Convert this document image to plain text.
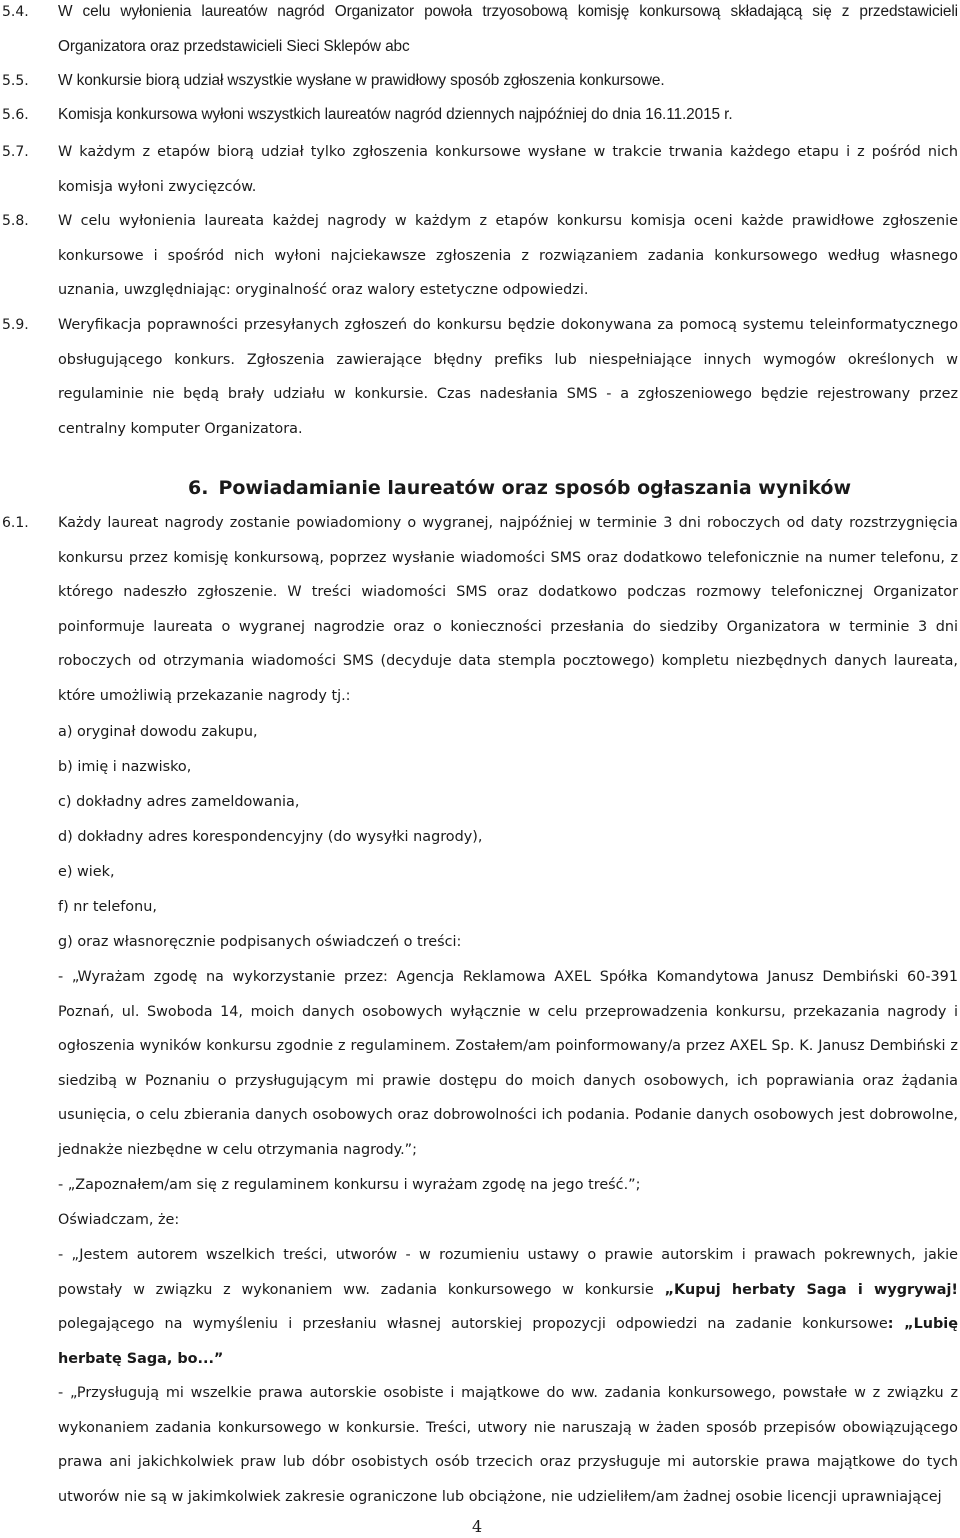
5.4. W celu wyłonienia laureatów nagród Organizator powoła trzyosobową komisję konkursową składającą się z przedstawicieli Organizatora oraz przedstawicieli Sieci Sklepów abc
5.5. W konkursie biorą udział wszystkie wysłane w prawidłowy sposób zgłoszenia konkursowe.
5.6. Komisja konkursowa wyłoni wszystkich laureatów nagród dziennych najpóźniej do dnia 16.11.2015 r.
5.7. W każdym z etapów biorą udział tylko zgłoszenia konkursowe wysłane w trakcie trwania każdego etapu i z pośród nich komisja wyłoni zwycięzców.
5.8. W celu wyłonienia laureata każdej nagrody w każdym z etapów konkursu komisja oceni każde prawidłowe zgłoszenie konkursowe i spośród nich wyłoni najciekawsze zgłoszenia z rozwiązaniem zadania konkursowego według własnego uznania, uwzględniając: oryginalność oraz walory estetyczne odpowiedzi.
5.9. Weryfikacja poprawności przesyłanych zgłoszeń do konkursu będzie dokonywana za pomocą systemu teleinformatycznego obsługującego konkurs. Zgłoszenia zawierające błędny prefiks lub niespełniające innych wymogów określonych w regulaminie nie będą brały udziału w konkursie. Czas nadesłania SMS - a zgłoszeniowego będzie rejestrowany przez centralny komputer Organizatora.
6. Powiadamianie laureatów oraz sposób ogłaszania wyników
6.1. Każdy laureat nagrody zostanie powiadomiony o wygranej, najpóźniej w terminie 3 dni roboczych od daty rozstrzygnięcia konkursu przez komisję konkursową, poprzez wysłanie wiadomości SMS oraz dodatkowo telefonicznie na numer telefonu, z którego nadeszło zgłoszenie. W treści wiadomości SMS oraz dodatkowo podczas rozmowy telefonicznej Organizator poinformuje laureata o wygranej nagrodzie oraz o konieczności przesłania do siedziby Organizatora w terminie 3 dni roboczych od otrzymania wiadomości SMS (decyduje data stempla pocztowego) kompletu niezbędnych danych laureata, które umożliwią przekazanie nagrody tj.:
a) oryginał dowodu zakupu,
b) imię i nazwisko,
c) dokładny adres zameldowania,
d) dokładny adres korespondencyjny (do wysyłki nagrody),
e) wiek,
f) nr telefonu,
g) oraz własnoręcznie podpisanych oświadczeń o treści:
- „Wyrażam zgodę na wykorzystanie przez: Agencja Reklamowa AXEL Spółka Komandytowa Janusz Dembiński 60-391 Poznań, ul. Swoboda 14, moich danych osobowych wyłącznie w celu przeprowadzenia konkursu, przekazania nagrody i ogłoszenia wyników konkursu zgodnie z regulaminem. Zostałem/am poinformowany/a przez AXEL Sp. K. Janusz Dembiński z siedzibą w Poznaniu o przysługującym mi prawie dostępu do moich danych osobowych, ich poprawiania oraz żądania usunięcia, o celu zbierania danych osobowych oraz dobrowolności ich podania. Podanie danych osobowych jest dobrowolne, jednakże niezbędne w celu otrzymania nagrody.”;
- „Zapoznałem/am się z regulaminem konkursu i wyrażam zgodę na jego treść.”;
Oświadczam, że:
- „Jestem autorem wszelkich treści, utworów - w rozumieniu ustawy o prawie autorskim i prawach pokrewnych, jakie powstały w związku z wykonaniem ww. zadania konkursowego w konkursie „Kupuj herbaty Saga i wygrywaj! polegającego na wymyśleniu i przesłaniu własnej autorskiej propozycji odpowiedzi na zadanie konkursowe: „Lubię herbatę Saga, bo...”
- „Przysługują mi wszelkie prawa autorskie osobiste i majątkowe do ww. zadania konkursowego, powstałe w z związku z wykonaniem zadania konkursowego w konkursie. Treści, utwory nie naruszają w żaden sposób przepisów obowiązującego prawa ani jakichkolwiek praw lub dóbr osobistych osób trzecich oraz przysługuje mi autorskie prawa majątkowe do tych utworów nie są w jakimkolwiek zakresie ograniczone lub obciążone, nie udzieliłem/am żadnej osobie licencji uprawniającej
4
